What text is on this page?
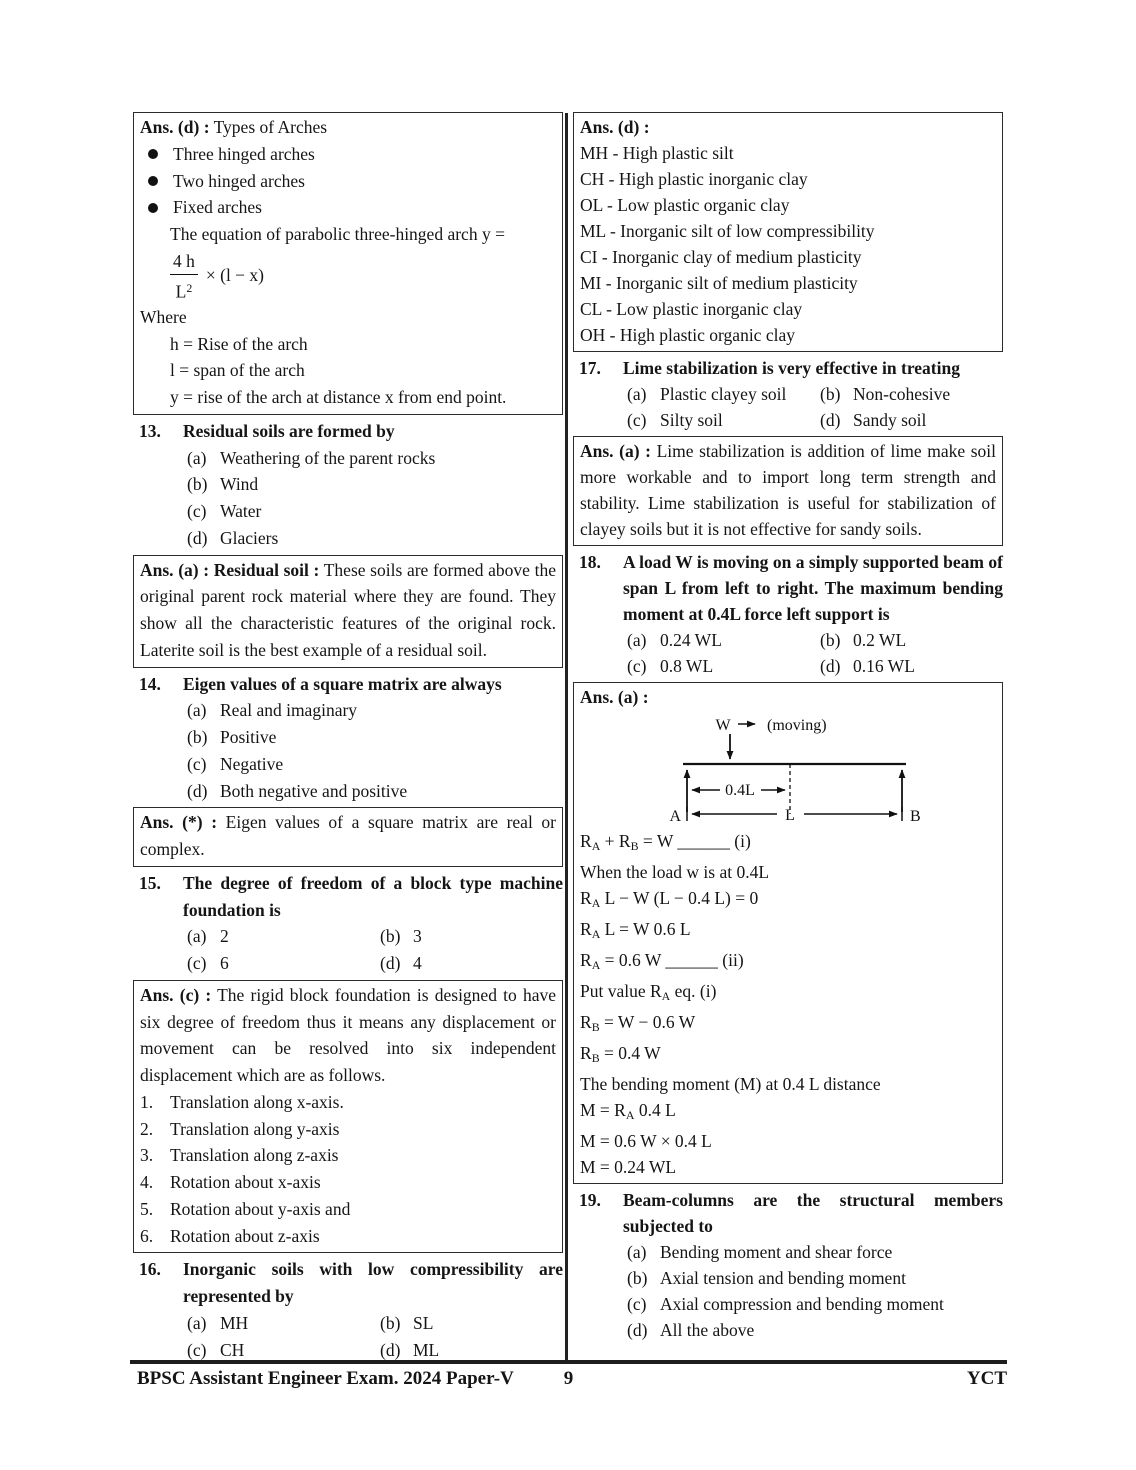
Ans. (d) : Types of Arches
Three hinged arches
Two hinged arches
Fixed arches
The equation of parabolic three-hinged arch y =
$\frac{4 h}{L^2} \times (l - x)$
Where
h = Rise of the arch
l = span of the arch
y = rise of the arch at distance x from end point.
13.	Residual soils are formed by
(a) Weathering of the parent rocks
(b) Wind
(c) Water
(d) Glaciers

Ans. (a) : Residual soil : These soils are formed above the original parent rock material where they are found. They show all the characteristic features of the original rock. Laterite soil is the best example of a residual soil.

14.	Eigen values of a square matrix are always
(a) Real and imaginary
(b) Positive
(c) Negative
(d) Both negative and positive

Ans. (*) : Eigen values of a square matrix are real or complex.

15.	The degree of freedom of a block type machine foundation is
(a) 2	(b) 3
(c) 6	(d) 4

Ans. (c) : The rigid block foundation is designed to have six degree of freedom thus it means any displacement or movement can be resolved into six independent displacement which are as follows.

1. Translation along x-axis.
2. Translation along y-axis
3. Translation along z-axis
4. Rotation about x-axis
5. Rotation about y-axis and
6. Rotation about z-axis
16.	Inorganic soils with low compressibility are represented by
(a) MH	(b) SL
(c) CH	(d) ML
Ans. (d) :
MH - High plastic silt
CH - High plastic inorganic clay
OL - Low plastic organic clay
ML - Inorganic silt of low compressibility
CI - Inorganic clay of medium plasticity
MI - Inorganic silt of medium plasticity
CL - Low plastic inorganic clay
OH - High plastic organic clay
17.	Lime stabilization is very effective in treating
(a) Plastic clayey soil (b) Non-cohesive
(c) Silty soil	(d) Sandy soil

Ans. (a) : Lime stabilization is addition of lime make soil more workable and to import long term strength and stability. Lime stabilization is useful for stabilization of clayey soils but it is not effective for sandy soils.

18.	A load W is moving on a simply supported beam of span L from left to right. The maximum bending moment at 0.4L force left support is
(a) 0.24 WL	(b) 0.2 WL
(c) 0.8 WL	(d) 0.16 WL
Ans. (a) :
W (moving)
0.4L
L
A	B
$R_A + R_B = W$ ______ (i)
When the load w is at 0.4L
$R_A$ L − W (L − 0.4 L) = 0
$R_A$ L = W 0.6 L
$R_A = 0.6$ W ______ (ii)
Put value $R_A$ eq. (i)
$R_B = W - 0.6$ W
$R_B = 0.4$ W
The bending moment (M) at 0.4 L distance
$M = R_A$ 0.4 L
M = 0.6 W × 0.4 L
M = 0.24 WL
19.	Beam-columns are the structural members subjected to
(a) Bending moment and shear force
(b) Axial tension and bending moment
(c) Axial compression and bending moment
(d) All the above
9
BPSC Assistant Engineer Exam. 2024 Paper-V	YCT
